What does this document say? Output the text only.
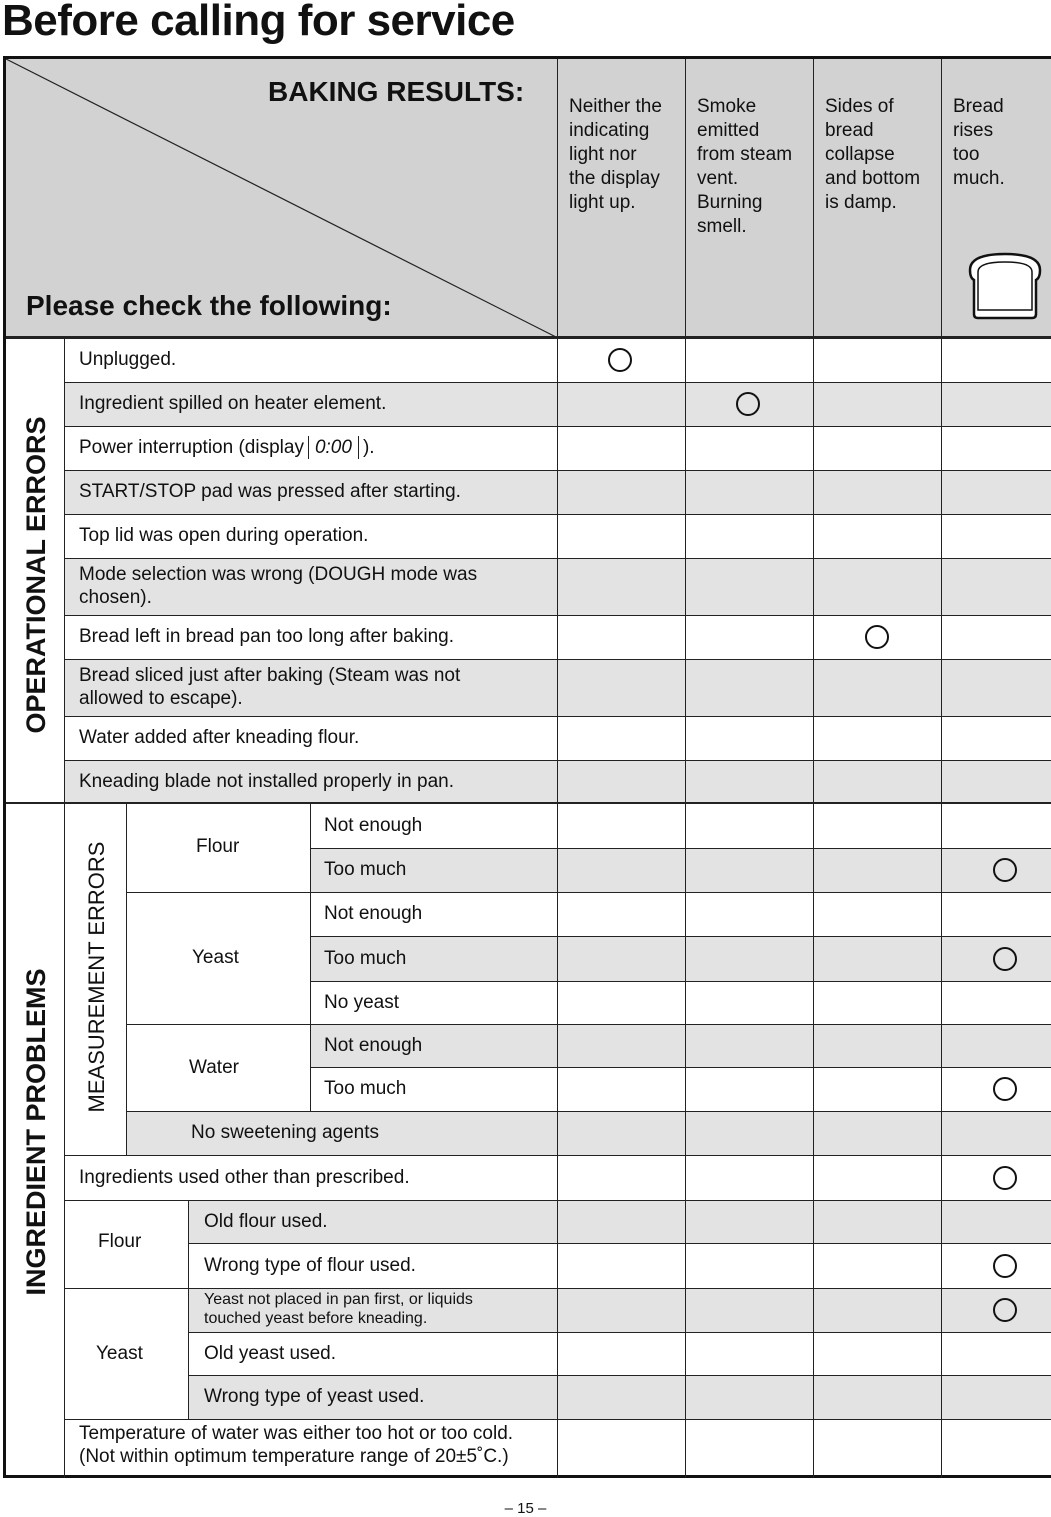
Before calling for service
BAKING RESULTS:
Please check the following:
Neither the
indicating
light nor
the display
light up.
Smoke
emitted
from steam
vent.
Burning
smell.
Sides of
bread
collapse
and bottom
is damp.
Bread
rises
too
much.
OPERATIONAL ERRORS
INGREDIENT PROBLEMS MEASUREMENT ERRORS
Unplugged.
Ingredient spilled on heater element.
Power interruption (display 0:00 ).
START/STOP pad was pressed after starting.
Top lid was open during operation.
Mode selection was wrong (DOUGH mode was
chosen).
Bread left in bread pan too long after baking.
Bread sliced just after baking (Steam was not
allowed to escape).
Water added after kneading flour.
Kneading blade not installed properly in pan.
Not enough
Too much
Not enough
Too much
No yeast
Not enough
Too much
Flour
Yeast
Water
No sweetening agents
Ingredients used other than prescribed.
Old flour used.
Wrong type of flour used.
Yeast not placed in pan first, or liquids
touched yeast before kneading.
Old yeast used.
Wrong type of yeast used.
Flour
Yeast
Temperature of water was either too hot or too cold.
(Not within optimum temperature range of 20±5˚C.)
– 15 –
